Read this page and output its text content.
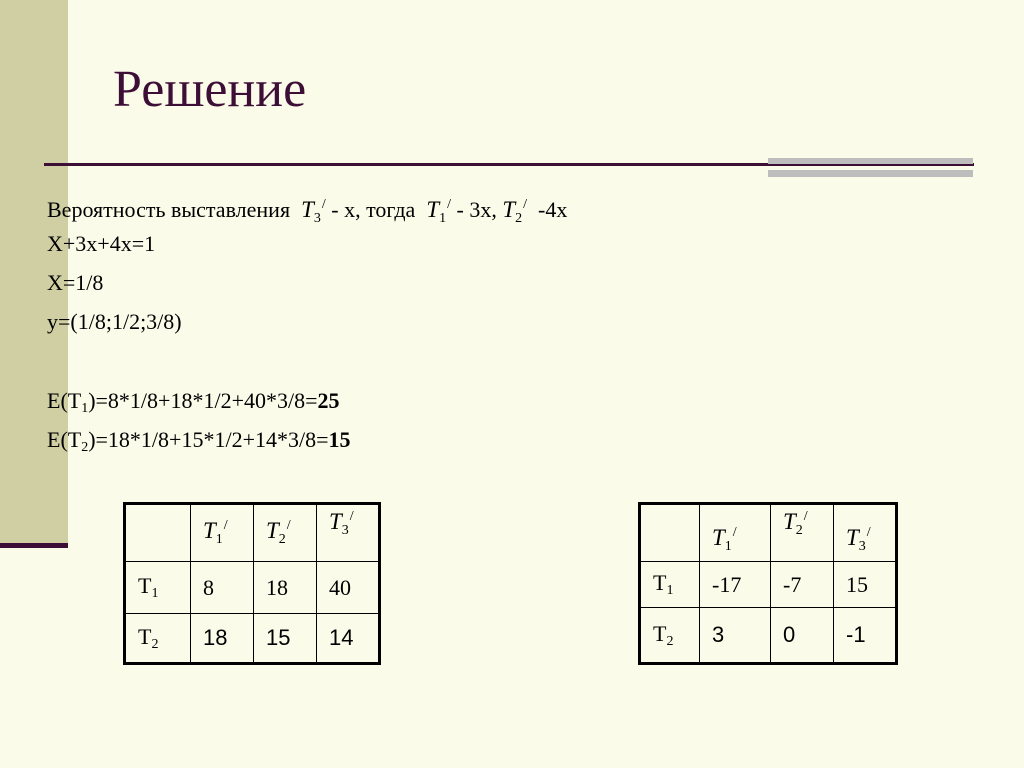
Решение
Вероятность выставления $T_3^/$ - x, тогда $T_1^/ - 3x$, $T_2^/$ -4x
X+3x+4x=1
X=1/8
y=(1/8;1/2;3/8)
$E(T_1)=8*1/8+18*1/2+40*3/8=25$
$E(T_2)=18*1/8+15*1/2+14*3/8=15$
	$T_1^/$	$T_2^/$	$T_3^/$
$T_1$	8	18	40
$T_2$	18	15	14
	$T_1^/$	$T_2^/$	$T_3^/$
$T_1$	-17	-7	15
$T_2$	3	0	-1
